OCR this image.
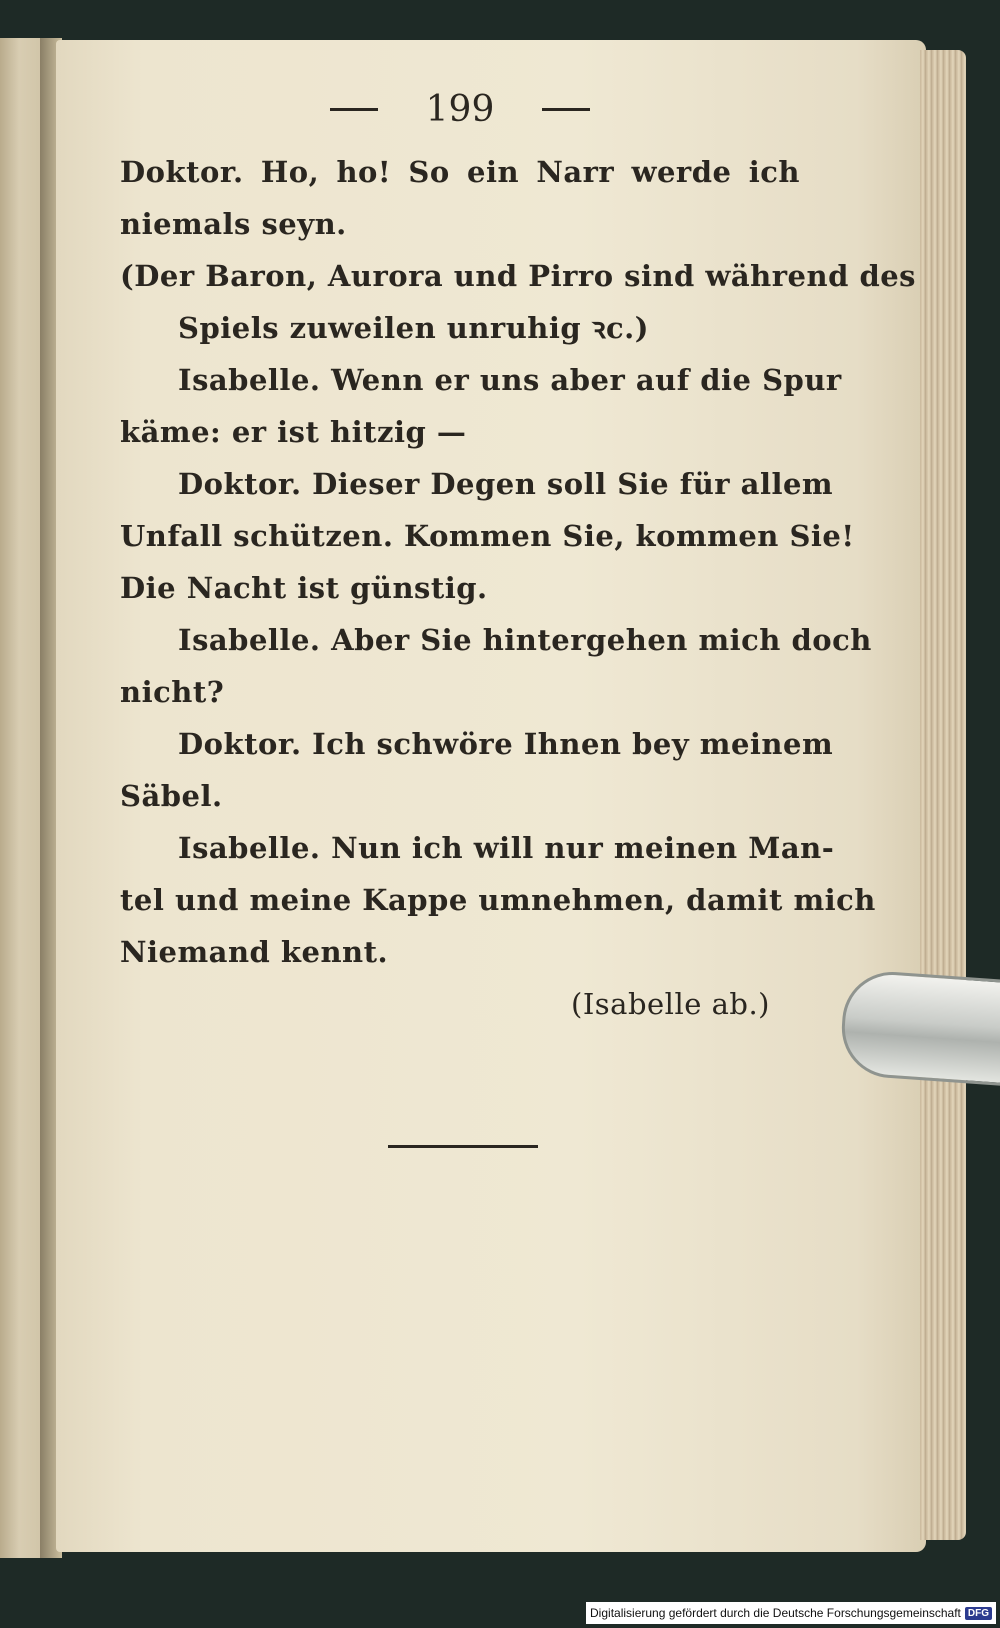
199
Doktor. Ho, ho! So ein Narr werde ich
niemals seyn.
(Der Baron, Aurora und Pirro sind während des
Spiels zuweilen unruhig ꝛc.)
Isabelle. Wenn er uns aber auf die Spur
käme: er ist hitzig —
Doktor. Dieser Degen soll Sie für allem
Unfall schützen. Kommen Sie, kommen Sie!
Die Nacht ist günstig.
Isabelle. Aber Sie hintergehen mich doch
nicht?
Doktor. Ich schwöre Ihnen bey meinem
Säbel.
Isabelle. Nun ich will nur meinen Man-
tel und meine Kappe umnehmen, damit mich
Niemand kennt.
(Isabelle ab.)
Digitalisierung gefördert durch die Deutsche Forschungsgemeinschaft DFG
